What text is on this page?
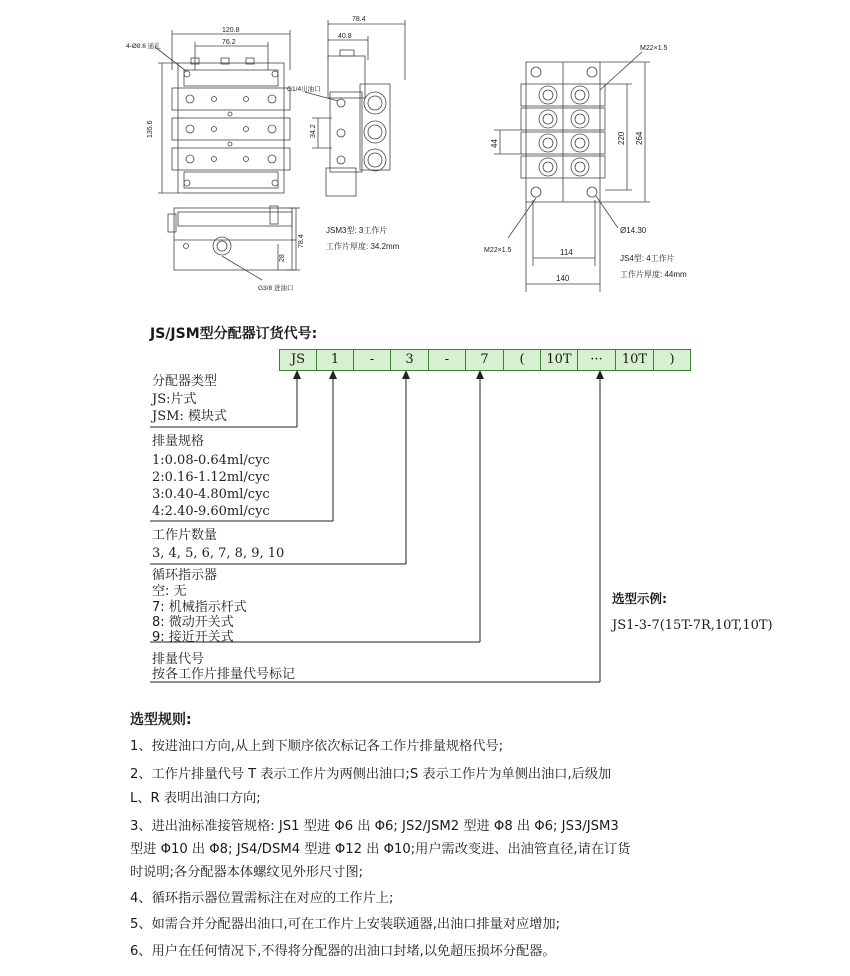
120.8
76.2
4-Ø8.6 通孔
135.6
78.4
40.8
G1/4出油口
34.2
78.4
28
G3/8 进油口
JSM3型: 3工作片
工作片厚度: 34.2mm
M22×1.5
M22×1.5
44	220 264
114
140
Ø14.30
JS4型: 4工作片
工作片厚度: 44mm
JS/JSM型分配器订货代号:
JS	1	-	3	-	7	(	10T	···	10T	)
分配器类型
JS:片式
JSM: 模块式
排量规格
1:0.08-0.64ml/cyc
2:0.16-1.12ml/cyc
3:0.40-4.80ml/cyc
4:2.40-9.60ml/cyc
工作片数量
3, 4, 5, 6, 7, 8, 9, 10
循环指示器
空: 无
7: 机械指示杆式
8: 微动开关式
9: 接近开关式
排量代号
按各工作片排量代号标记
选型示例:
JS1-3-7(15T-7R,10T,10T)
选型规则:
1、按进油口方向,从上到下顺序依次标记各工作片排量规格代号;
2、工作片排量代号 T 表示工作片为两侧出油口;S 表示工作片为单侧出油口,后级加
L、R 表明出油口方向;
3、进出油标准接管规格: JS1 型进 Φ6 出 Φ6; JS2/JSM2 型进 Φ8 出 Φ6; JS3/JSM3
型进 Φ10 出 Φ8; JS4/DSM4 型进 Φ12 出 Φ10;用户需改变进、出油管直径,请在订货
时说明;各分配器本体螺纹见外形尺寸图;
4、循环指示器位置需标注在对应的工作片上;
5、如需合并分配器出油口,可在工作片上安装联通器,出油口排量对应增加;
6、用户在任何情况下,不得将分配器的出油口封堵,以免超压损坏分配器。
